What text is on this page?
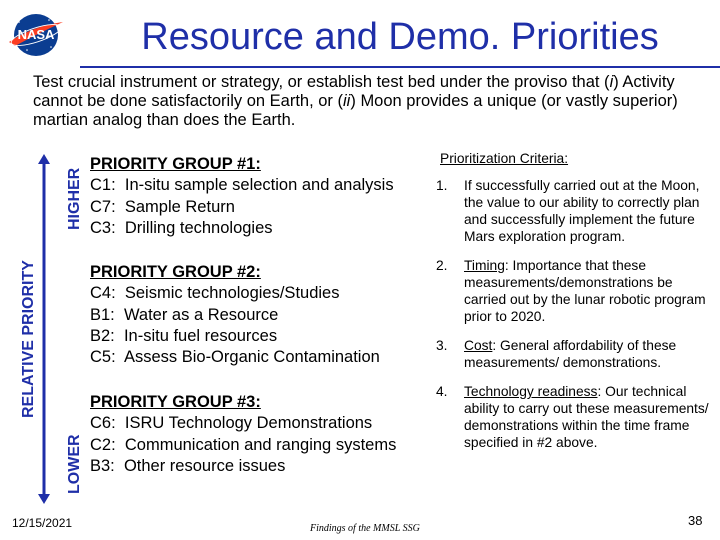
NASA	Resource and Demo. Priorities
Test crucial instrument or strategy, or establish test bed under the proviso that (i) Activity cannot be done satisfactorily on Earth, or (ii) Moon provides a unique (or vastly superior) martian analog than does the Earth.
RELATIVE PRIORITY
HIGHER
LOWER
PRIORITY GROUP #1:
C1: In-situ sample selection and analysis
C7: Sample Return
C3: Drilling technologies
PRIORITY GROUP #2:
C4: Seismic technologies/Studies
B1: Water as a Resource
B2: In-situ fuel resources
C5: Assess Bio-Organic Contamination
PRIORITY GROUP #3:
C6: ISRU Technology Demonstrations
C2: Communication and ranging systems
B3: Other resource issues
Prioritization Criteria:
1.	If successfully carried out at the Moon, the value to our ability to correctly plan and successfully implement the future Mars exploration program.
2.	Timing: Importance that these measurements/demonstrations be carried out by the lunar robotic program prior to 2020.
3.	Cost: General affordability of these measurements/ demonstrations.
4.	Technology readiness: Our technical ability to carry out these measurements/ demonstrations within the time frame specified in #2 above.
12/15/2021	Findings of the MMSL SSG
38
